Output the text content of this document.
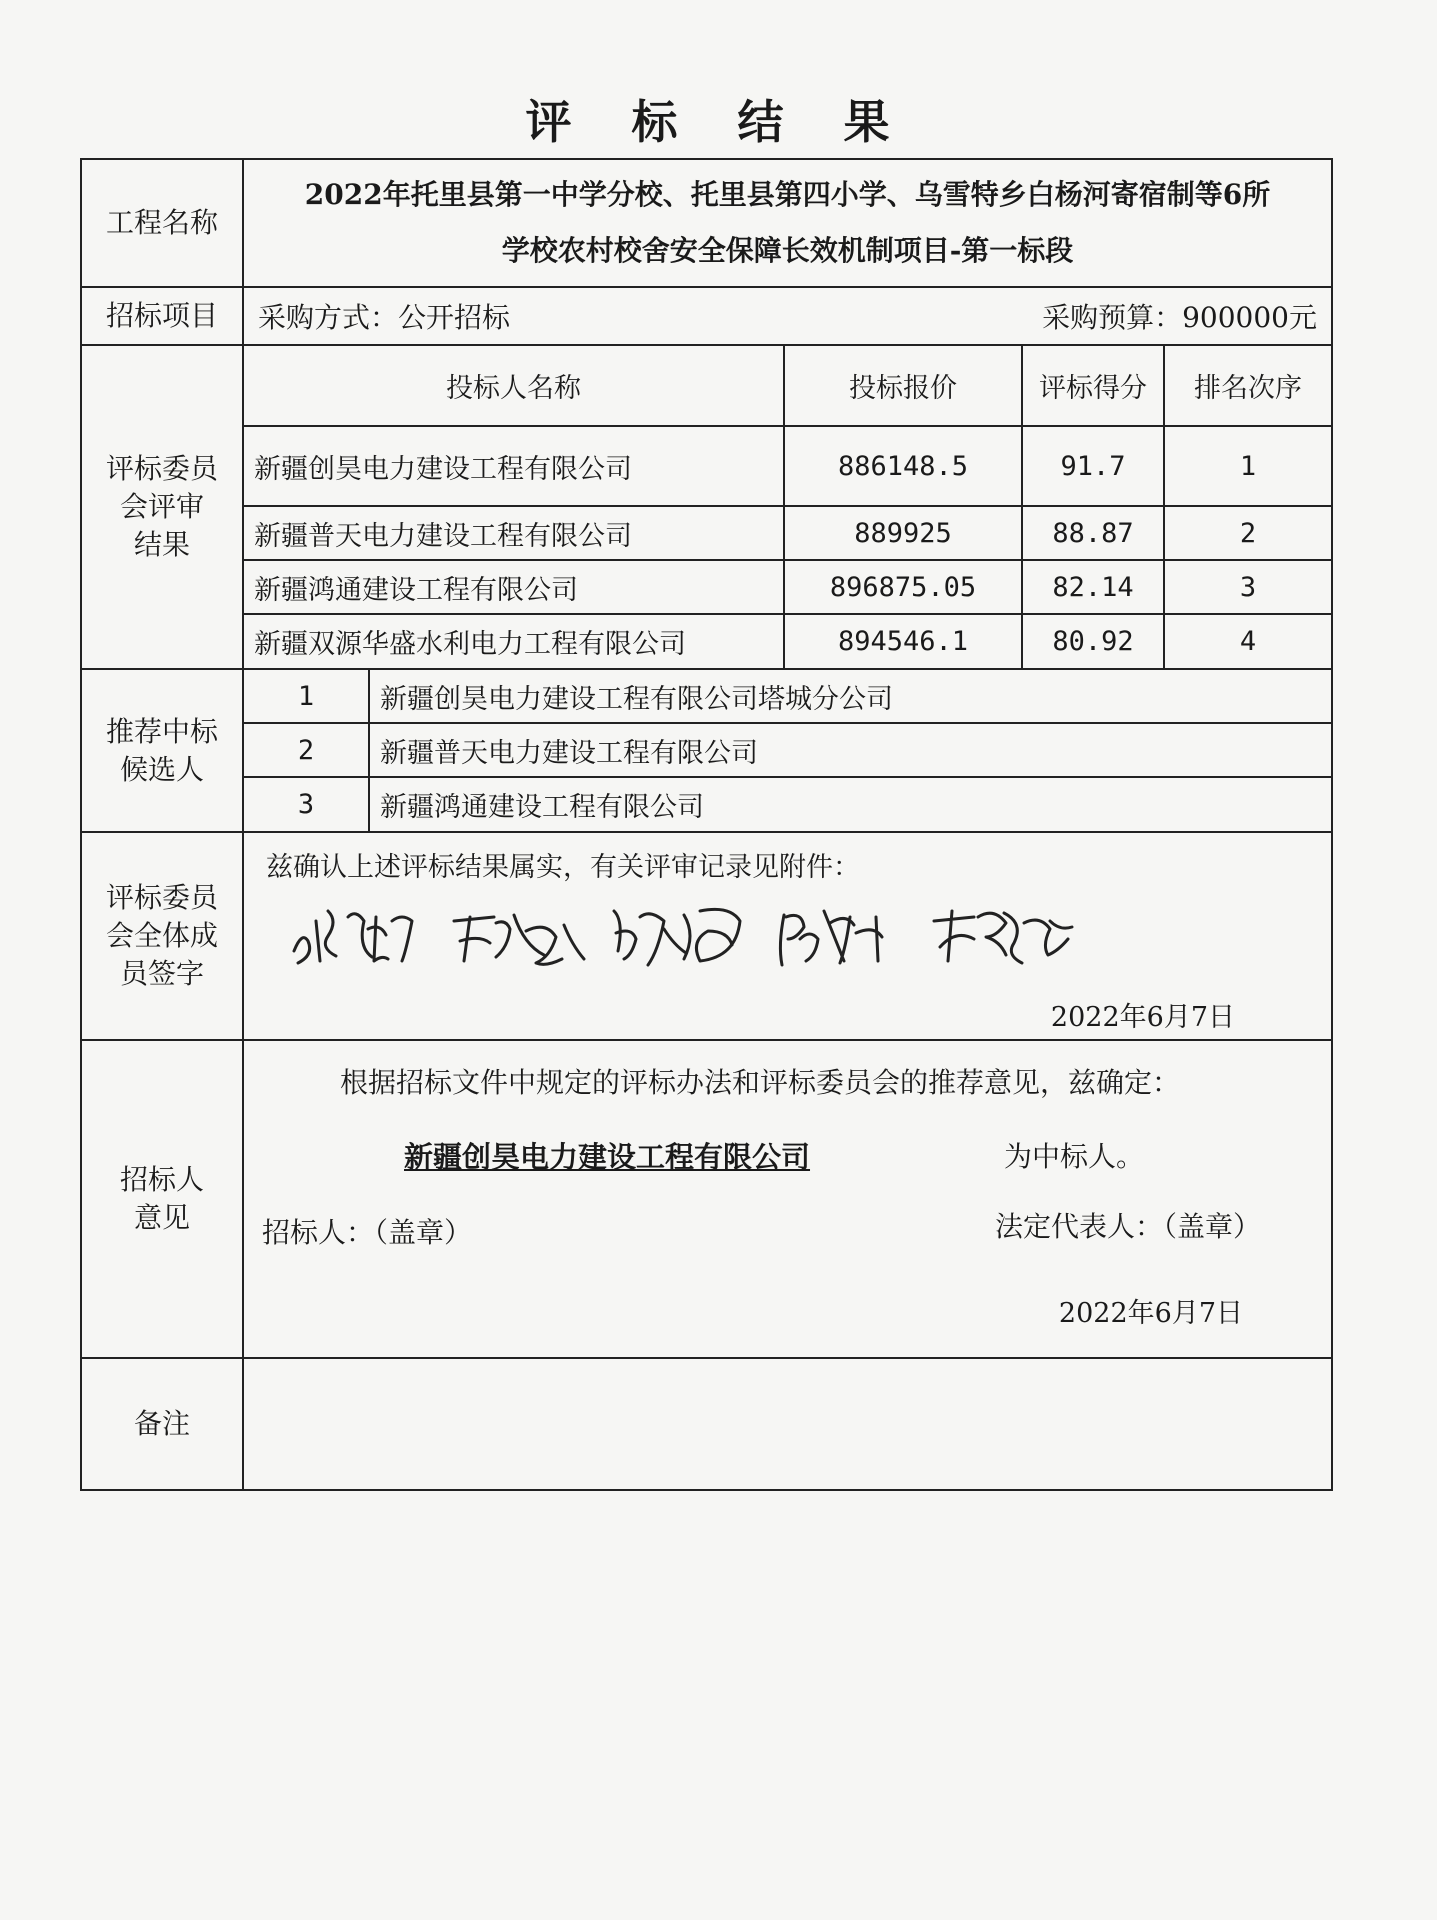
评 标 结 果
工程名称	
2022年托里县第一中学分校、托里县第四小学、乌雪特乡白杨河寄宿制等6所
学校农村校舍安全保障长效机制项目-第一标段

招标项目	采购方式：公开招标	采购预算：900000元

评标委员
会评审
结果

投标人名称	投标报价	评标得分	排名次序
新疆创昊电力建设工程有限公司	886148.5	91.7	1
新疆普天电力建设工程有限公司	889925	88.87	2
新疆鸿通建设工程有限公司	896875.05	82.14	3
新疆双源华盛水利电力工程有限公司	894546.1	80.92	4

推荐中标
候选人

1	新疆创昊电力建设工程有限公司塔城分公司
2	新疆普天电力建设工程有限公司
3	新疆鸿通建设工程有限公司

评标委员
会全体成
员签字

兹确认上述评标结果属实，有关评审记录见附件：
2022年6月7日

招标人
意见

根据招标文件中规定的评标办法和评标委员会的推荐意见，兹确定：
新疆创昊电力建设工程有限公司	为中标人。
招标人：（盖章）	法定代表人：（盖章）
2022年6月7日

备注	
